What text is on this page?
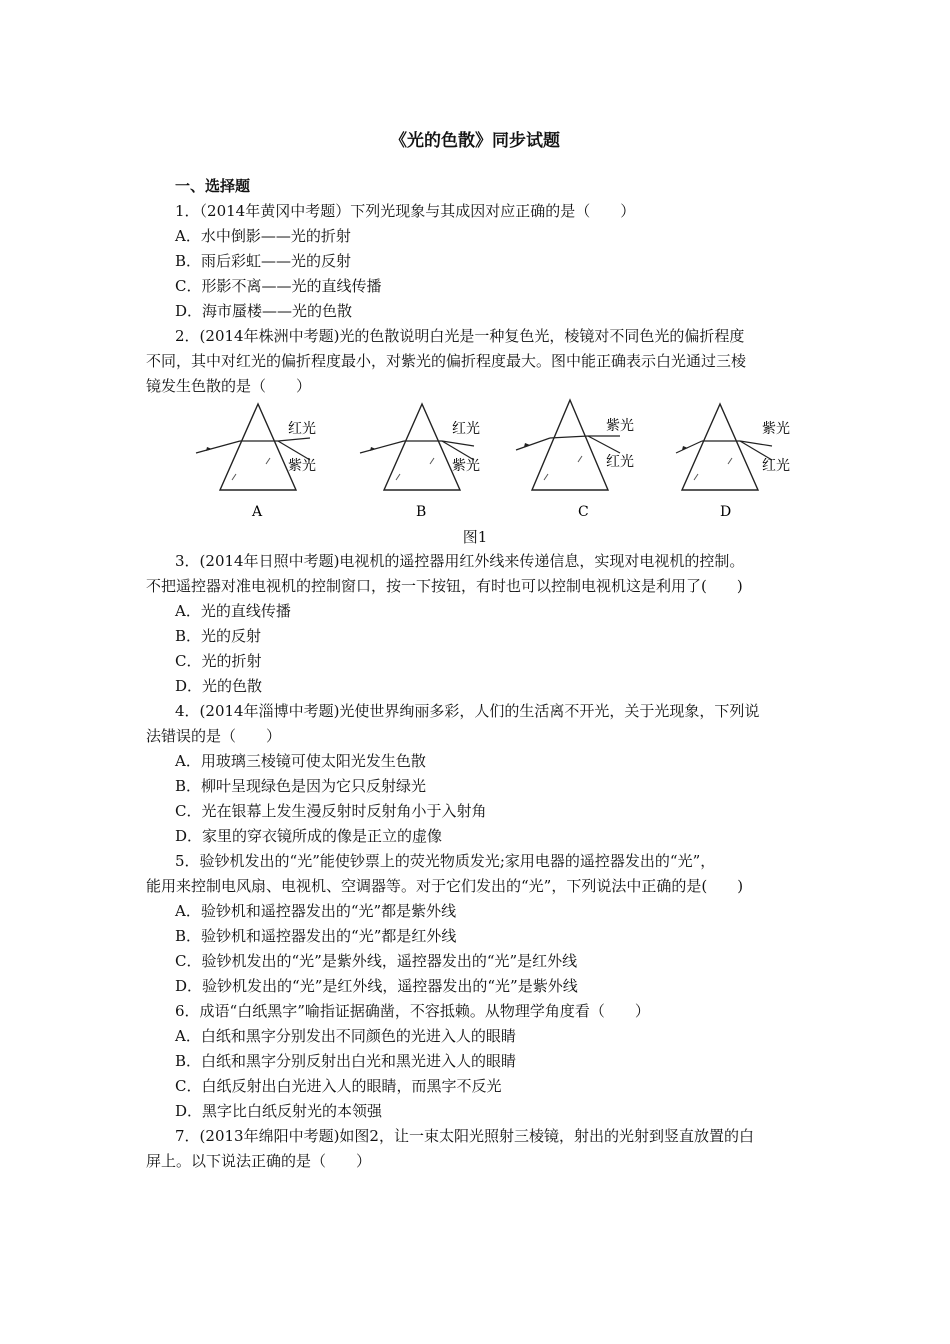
《光的色散》同步试题
一、选择题
1．（2014年黄冈中考题）下列光现象与其成因对应正确的是（　　）
A．水中倒影——光的折射
B．雨后彩虹——光的反射
C．形影不离——光的直线传播
D．海市蜃楼——光的色散
2．(2014年株洲中考题)光的色散说明白光是一种复色光，棱镜对不同色光的偏折程度
不同，其中对红光的偏折程度最小，对紫光的偏折程度最大。图中能正确表示白光通过三棱
镜发生色散的是（　　）
红光
紫光
A
红光
紫光
B
紫光
红光
C
紫光
红光
D
图1
3．(2014年日照中考题)电视机的遥控器用红外线来传递信息，实现对电视机的控制。
不把遥控器对准电视机的控制窗口，按一下按钮，有时也可以控制电视机这是利用了(　　)
A．光的直线传播
B．光的反射
C．光的折射
D．光的色散
4．(2014年淄博中考题)光使世界绚丽多彩，人们的生活离不开光，关于光现象，下列说
法错误的是（　　）
A．用玻璃三棱镜可使太阳光发生色散
B．柳叶呈现绿色是因为它只反射绿光
C．光在银幕上发生漫反射时反射角小于入射角
D．家里的穿衣镜所成的像是正立的虚像
5．验钞机发出的“光”能使钞票上的荧光物质发光;家用电器的遥控器发出的“光”，
能用来控制电风扇、电视机、空调器等。对于它们发出的“光”，下列说法中正确的是(　　)
A．验钞机和遥控器发出的“光”都是紫外线
B．验钞机和遥控器发出的“光”都是红外线
C．验钞机发出的“光”是紫外线，遥控器发出的“光”是红外线
D．验钞机发出的“光”是红外线，遥控器发出的“光”是紫外线
6．成语“白纸黑字”喻指证据确凿，不容抵赖。从物理学角度看（　　）
A．白纸和黑字分别发出不同颜色的光进入人的眼睛
B．白纸和黑字分别反射出白光和黑光进入人的眼睛
C．白纸反射出白光进入人的眼睛，而黑字不反光
D．黑字比白纸反射光的本领强
7．(2013年绵阳中考题)如图2，让一束太阳光照射三棱镜，射出的光射到竖直放置的白
屏上。以下说法正确的是（　　）
